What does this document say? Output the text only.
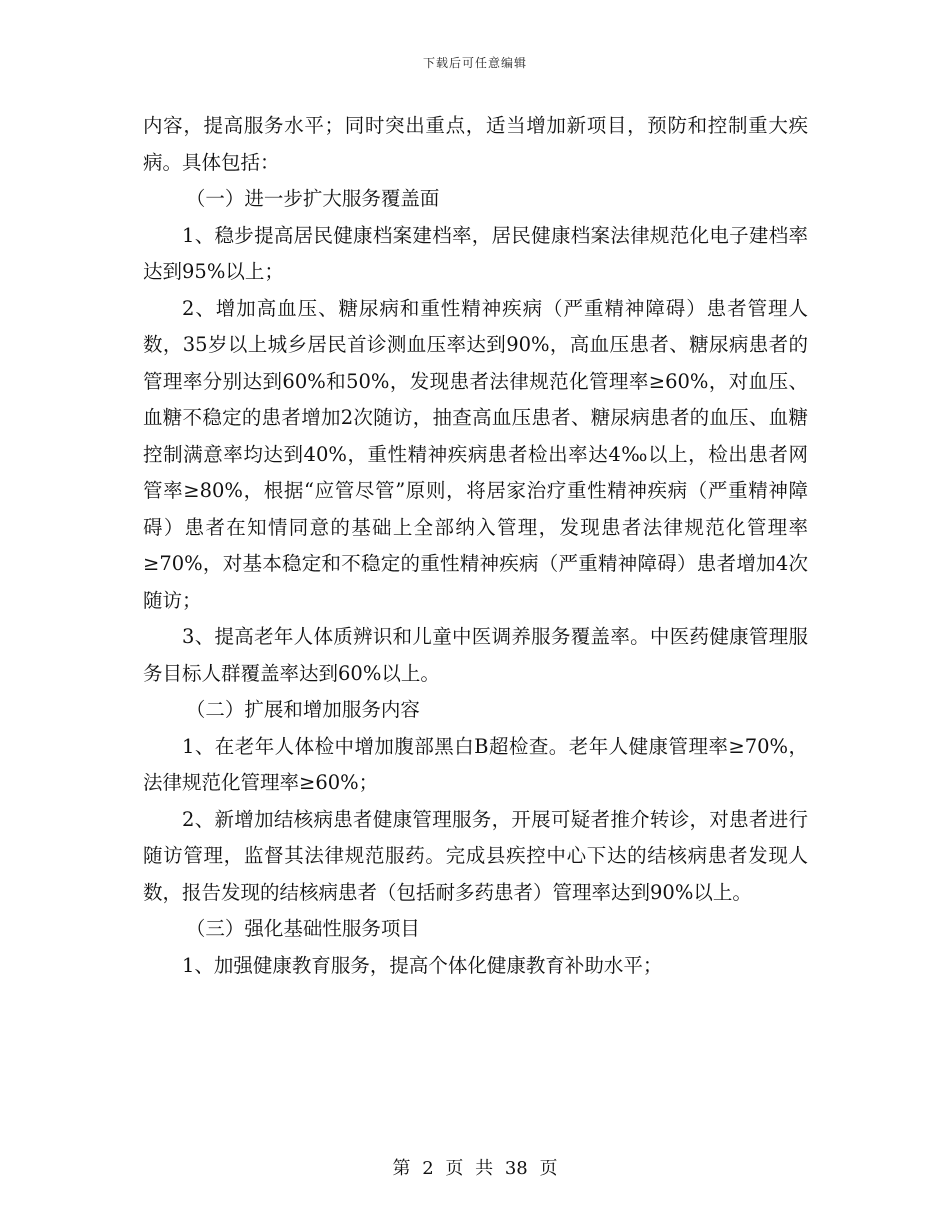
下载后可任意编辑

内容，提高服务水平；同时突出重点，适当增加新项目，预防和控制重大疾病。具体包括：

（一）进一步扩大服务覆盖面

1、稳步提高居民健康档案建档率，居民健康档案法律规范化电子建档率达到95%以上；

2、增加高血压、糖尿病和重性精神疾病（严重精神障碍）患者管理人数，35岁以上城乡居民首诊测血压率达到90%，高血压患者、糖尿病患者的管理率分别达到60%和50%，发现患者法律规范化管理率≥60%，对血压、血糖不稳定的患者增加2次随访，抽查高血压患者、糖尿病患者的血压、血糖控制满意率均达到40%，重性精神疾病患者检出率达4‰以上，检出患者网管率≥80%，根据“应管尽管”原则，将居家治疗重性精神疾病（严重精神障碍）患者在知情同意的基础上全部纳入管理，发现患者法律规范化管理率≥70%，对基本稳定和不稳定的重性精神疾病（严重精神障碍）患者增加4次随访；

3、提高老年人体质辨识和儿童中医调养服务覆盖率。中医药健康管理服务目标人群覆盖率达到60%以上。

（二）扩展和增加服务内容

1、在老年人体检中增加腹部黑白B超检查。老年人健康管理率≥70%，法律规范化管理率≥60%；

2、新增加结核病患者健康管理服务，开展可疑者推介转诊，对患者进行随访管理，监督其法律规范服药。完成县疾控中心下达的结核病患者发现人数，报告发现的结核病患者（包括耐多药患者）管理率达到90%以上。

（三）强化基础性服务项目

1、加强健康教育服务，提高个体化健康教育补助水平；

第 2 页 共 38 页
